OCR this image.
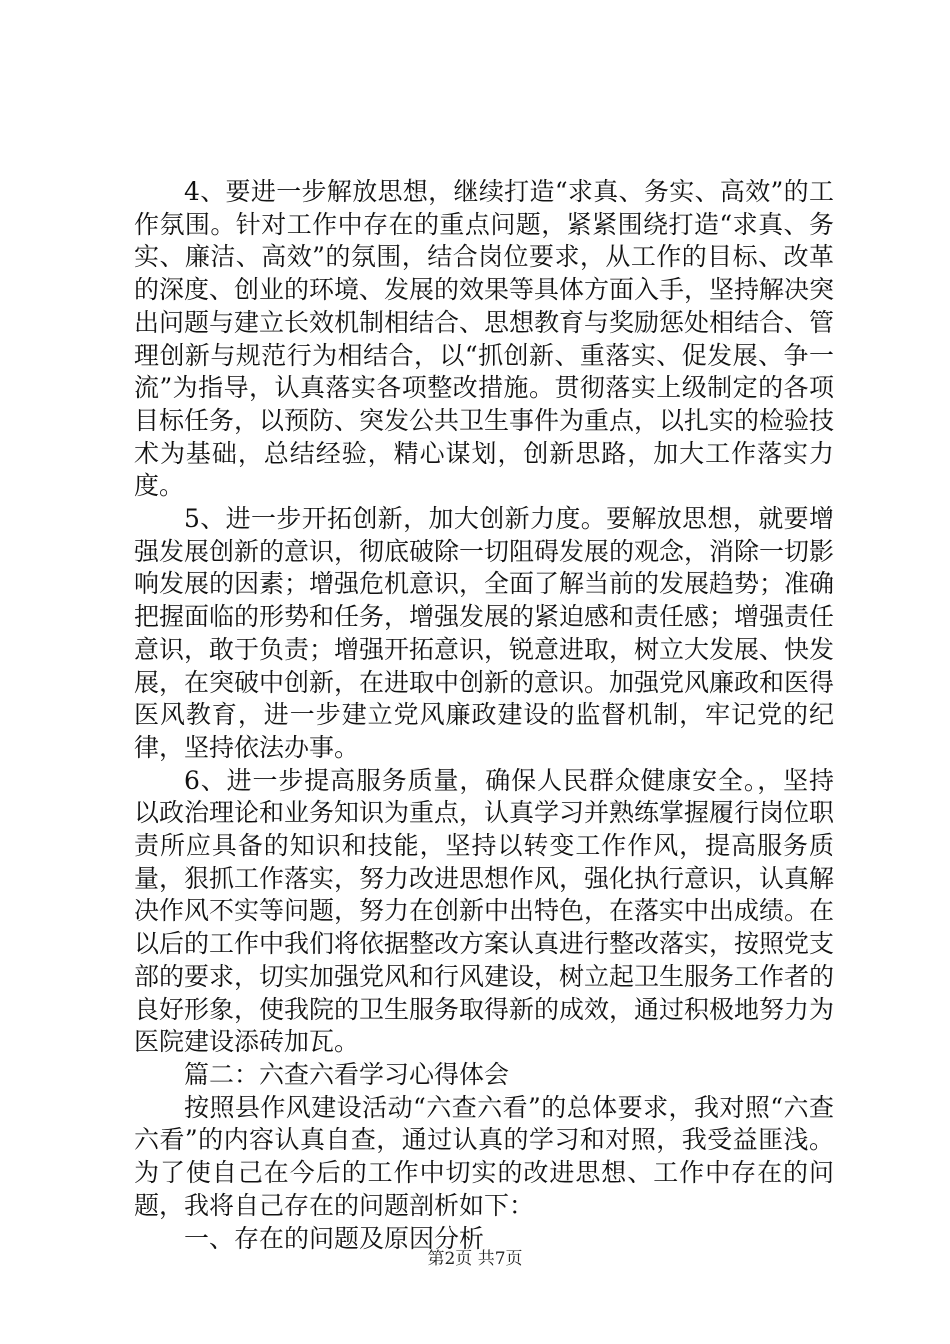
4、要进一步解放思想，继续打造“求真、务实、高效”的工作氛围。针对工作中存在的重点问题，紧紧围绕打造“求真、务实、廉洁、高效”的氛围，结合岗位要求，从工作的目标、改革的深度、创业的环境、发展的效果等具体方面入手，坚持解决突出问题与建立长效机制相结合、思想教育与奖励惩处相结合、管理创新与规范行为相结合，以“抓创新、重落实、促发展、争一流”为指导，认真落实各项整改措施。贯彻落实上级制定的各项目标任务，以预防、突发公共卫生事件为重点，以扎实的检验技术为基础，总结经验，精心谋划，创新思路，加大工作落实力度。

5、进一步开拓创新，加大创新力度。要解放思想，就要增强发展创新的意识，彻底破除一切阻碍发展的观念，消除一切影响发展的因素；增强危机意识，全面了解当前的发展趋势；准确把握面临的形势和任务，增强发展的紧迫感和责任感；增强责任意识，敢于负责；增强开拓意识，锐意进取，树立大发展、快发展，在突破中创新，在进取中创新的意识。加强党风廉政和医得医风教育，进一步建立党风廉政建设的监督机制，牢记党的纪律，坚持依法办事。

6、进一步提高服务质量，确保人民群众健康安全。，坚持以政治理论和业务知识为重点，认真学习并熟练掌握履行岗位职责所应具备的知识和技能，坚持以转变工作作风，提高服务质量，狠抓工作落实，努力改进思想作风，强化执行意识，认真解决作风不实等问题，努力在创新中出特色，在落实中出成绩。在以后的工作中我们将依据整改方案认真进行整改落实，按照党支部的要求，切实加强党风和行风建设，树立起卫生服务工作者的良好形象，使我院的卫生服务取得新的成效，通过积极地努力为医院建设添砖加瓦。

篇二：六查六看学习心得体会

按照县作风建设活动“六查六看”的总体要求，我对照“六查六看”的内容认真自查，通过认真的学习和对照，我受益匪浅。为了使自己在今后的工作中切实的改进思想、工作中存在的问题，我将自己存在的问题剖析如下：

一、存在的问题及原因分析

第2页 共7页
